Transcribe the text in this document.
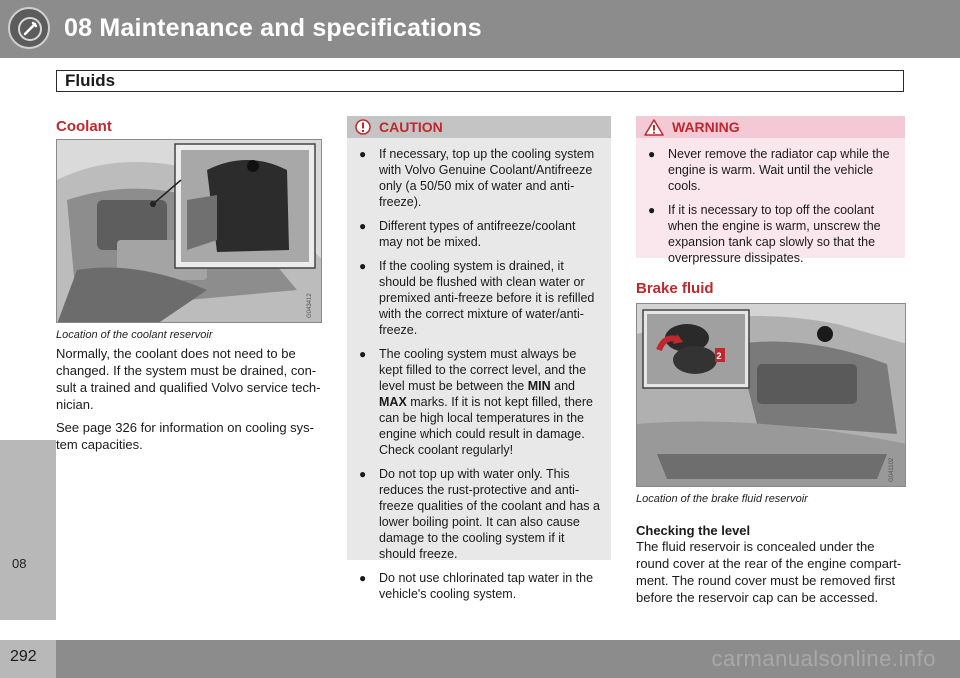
08 Maintenance and specifications
Fluids
08
Coolant
G043412
Location of the coolant reservoir

Normally, the coolant does not need to be changed. If the system must be drained, con-sult a trained and qualified Volvo service tech-nician.

See page 326 for information on cooling sys-tem capacities.

CAUTION
● If necessary, top up the cooling system with Volvo Genuine Coolant/Antifreeze only (a 50/50 mix of water and anti-freeze).
● Different types of antifreeze/coolant may not be mixed.
● If the cooling system is drained, it should be flushed with clean water or premixed anti-freeze before it is refilled with the correct mixture of water/anti-freeze.
● The cooling system must always be kept filled to the correct level, and the level must be between the MIN and MAX marks. If it is not kept filled, there can be high local temperatures in the engine which could result in damage. Check coolant regularly!
● Do not top up with water only. This reduces the rust-protective and anti-freeze qualities of the coolant and has a lower boiling point. It can also cause damage to the cooling system if it should freeze.
● Do not use chlorinated tap water in the vehicle's cooling system.
WARNING
● Never remove the radiator cap while the engine is warm. Wait until the vehicle cools.
● If it is necessary to top off the coolant when the engine is warm, unscrew the expansion tank cap slowly so that the overpressure dissipates.
Brake fluid
2
G041102
Location of the brake fluid reservoir
Checking the level

The fluid reservoir is concealed under the round cover at the rear of the engine compart-ment. The round cover must be removed first before the reservoir cap can be accessed.

292	carmanualsonline.info
